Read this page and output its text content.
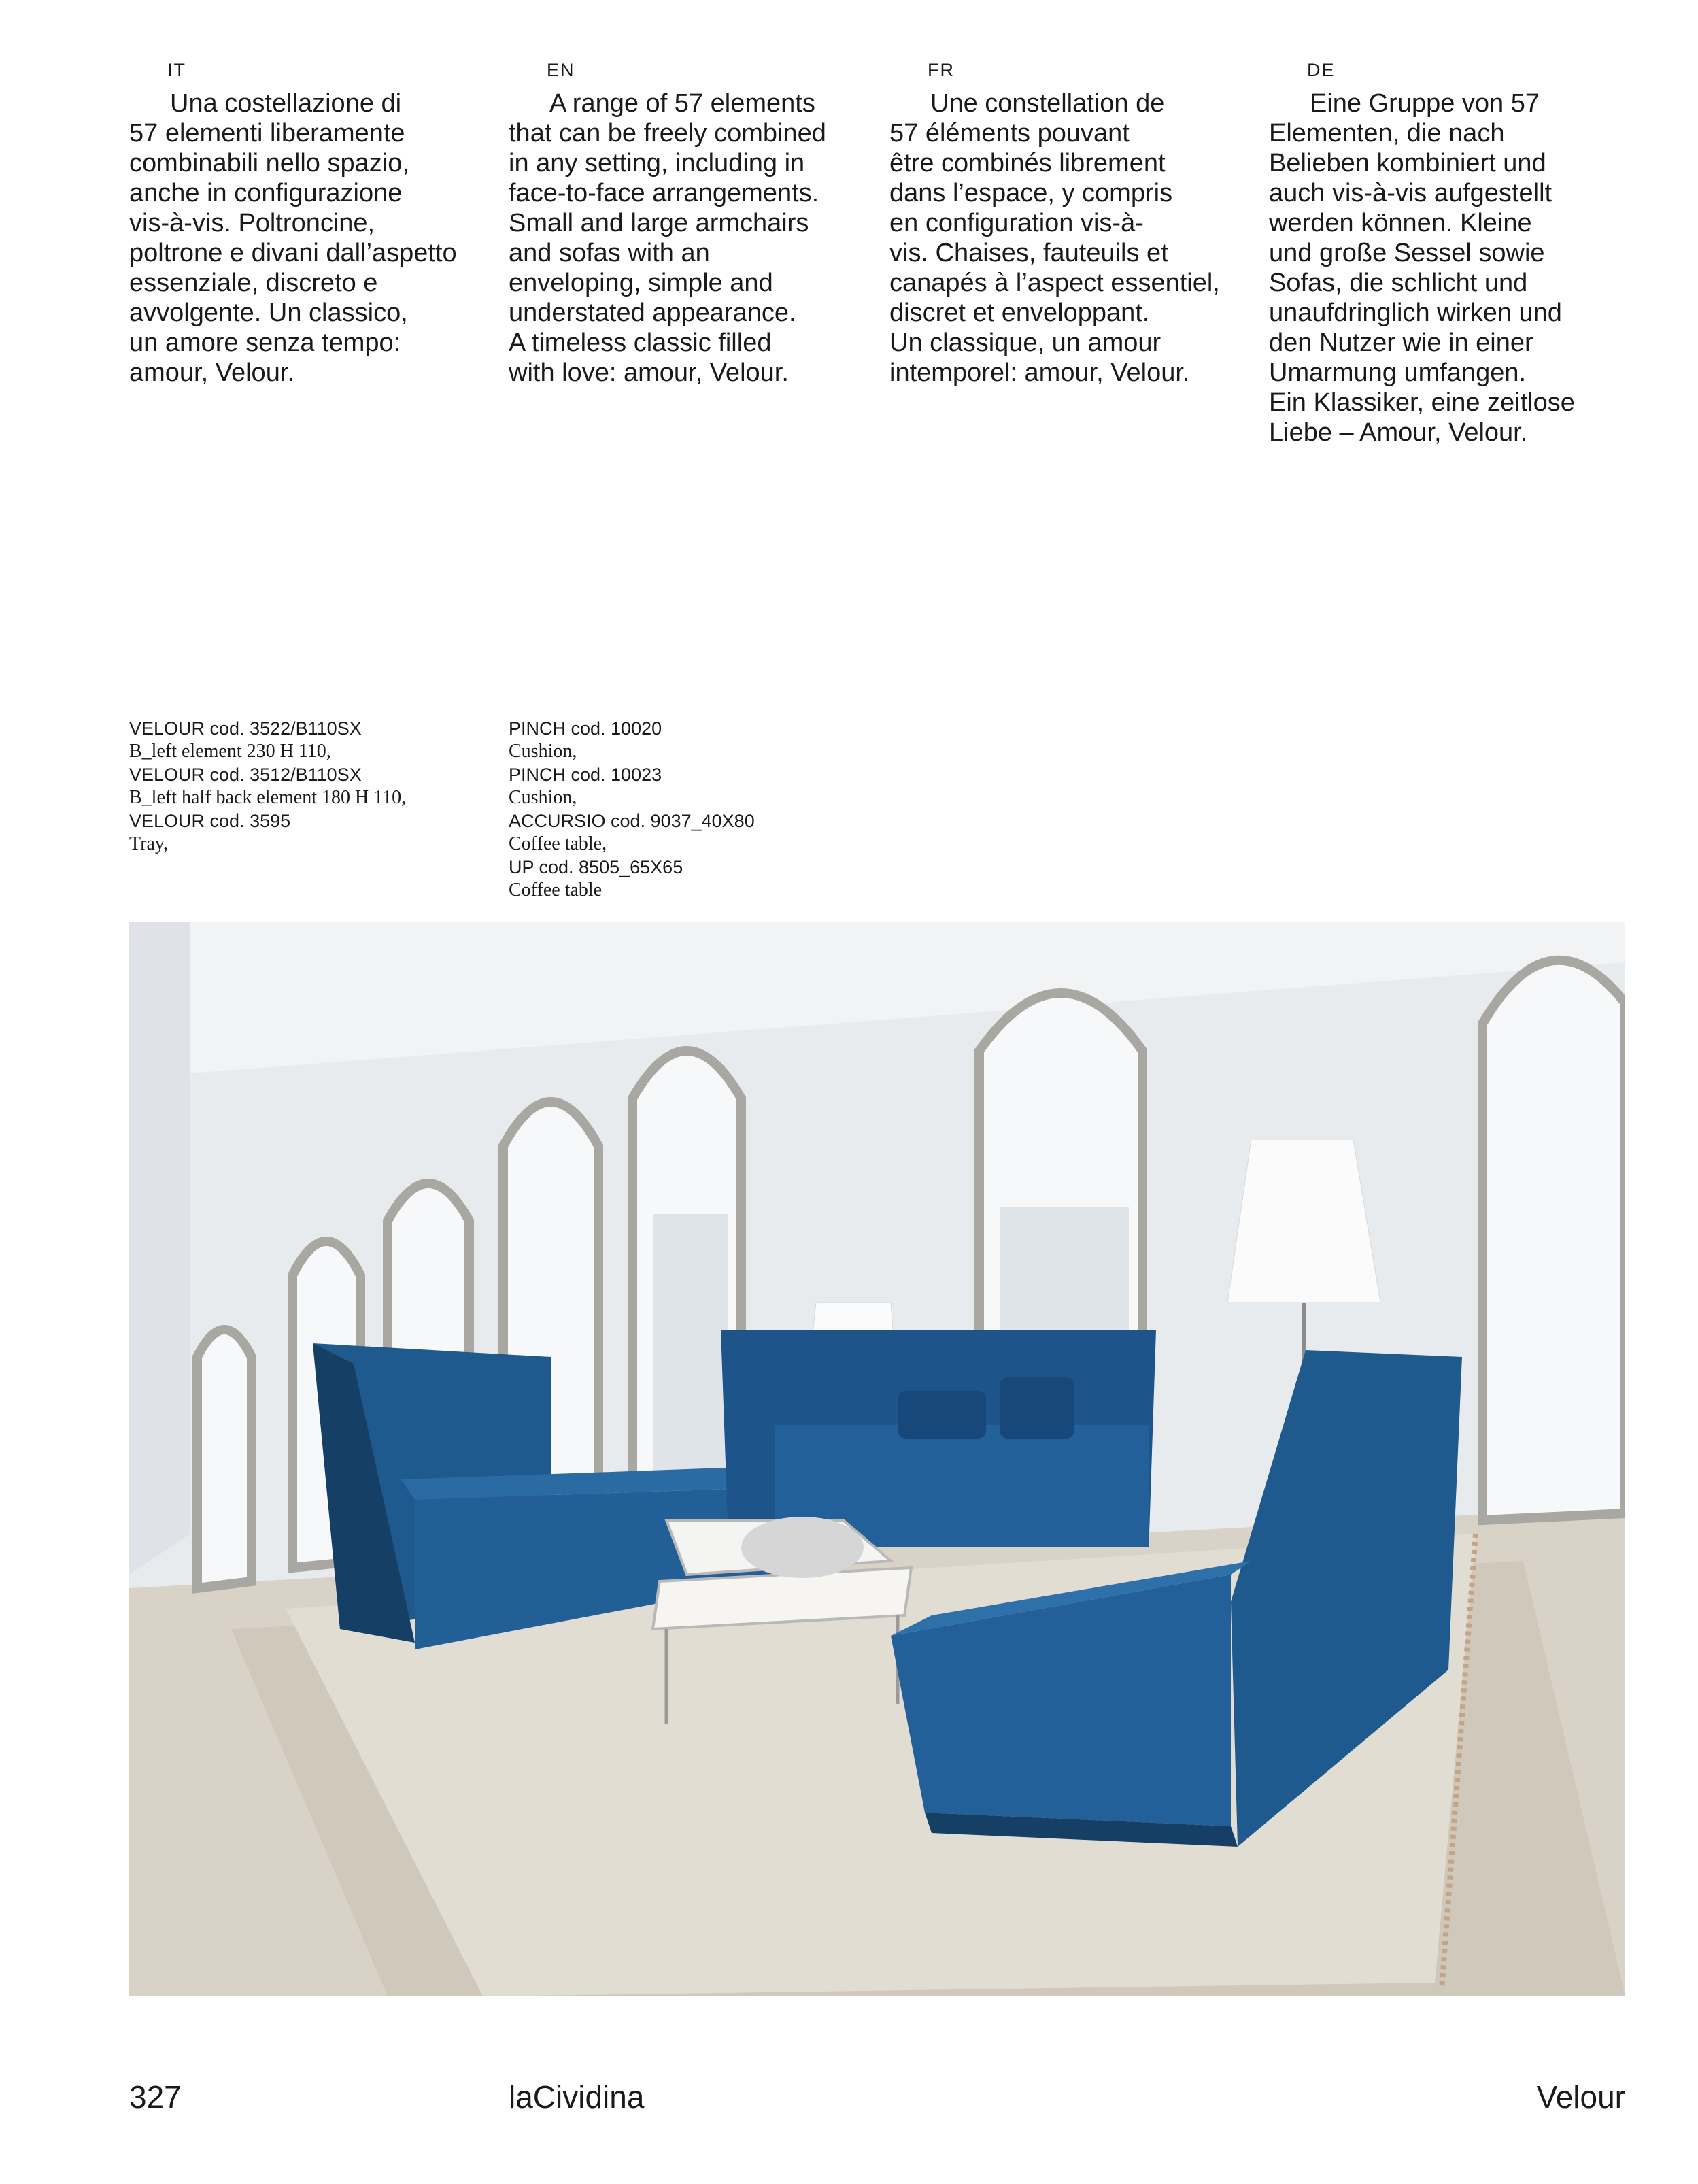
IT

Una costellazione di
57 elementi liberamente
combinabili nello spazio,
anche in configurazione
vis-à-vis. Poltroncine,
poltrone e divani dall’aspetto
essenziale, discreto e
avvolgente. Un classico,
un amore senza tempo:
amour, Velour.

EN

A range of 57 elements
that can be freely combined
in any setting, including in
face-to-face arrangements.
Small and large armchairs
and sofas with an
enveloping, simple and
understated appearance.
A timeless classic filled
with love: amour, Velour.

FR

Une constellation de
57 éléments pouvant
être combinés librement
dans l’espace, y compris
en configuration vis-à-
vis. Chaises, fauteuils et
canapés à l’aspect essentiel,
discret et enveloppant.
Un classique, un amour
intemporel: amour, Velour.

DE

Eine Gruppe von 57
Elementen, die nach
Belieben kombiniert und
auch vis-à-vis aufgestellt
werden können. Kleine
und große Sessel sowie
Sofas, die schlicht und
unaufdringlich wirken und
den Nutzer wie in einer
Umarmung umfangen.
Ein Klassiker, eine zeitlose
Liebe – Amour, Velour.

VELOUR cod. 3522/B110SX
B_left element 230 H 110,
VELOUR cod. 3512/B110SX
B_left half back element 180 H 110,
VELOUR cod. 3595
Tray,
PINCH cod. 10020
Cushion,
PINCH cod. 10023
Cushion,
ACCURSIO cod. 9037_40X80
Coffee table,
UP cod. 8505_65X65
Coffee table
327	laCividina	Velour
